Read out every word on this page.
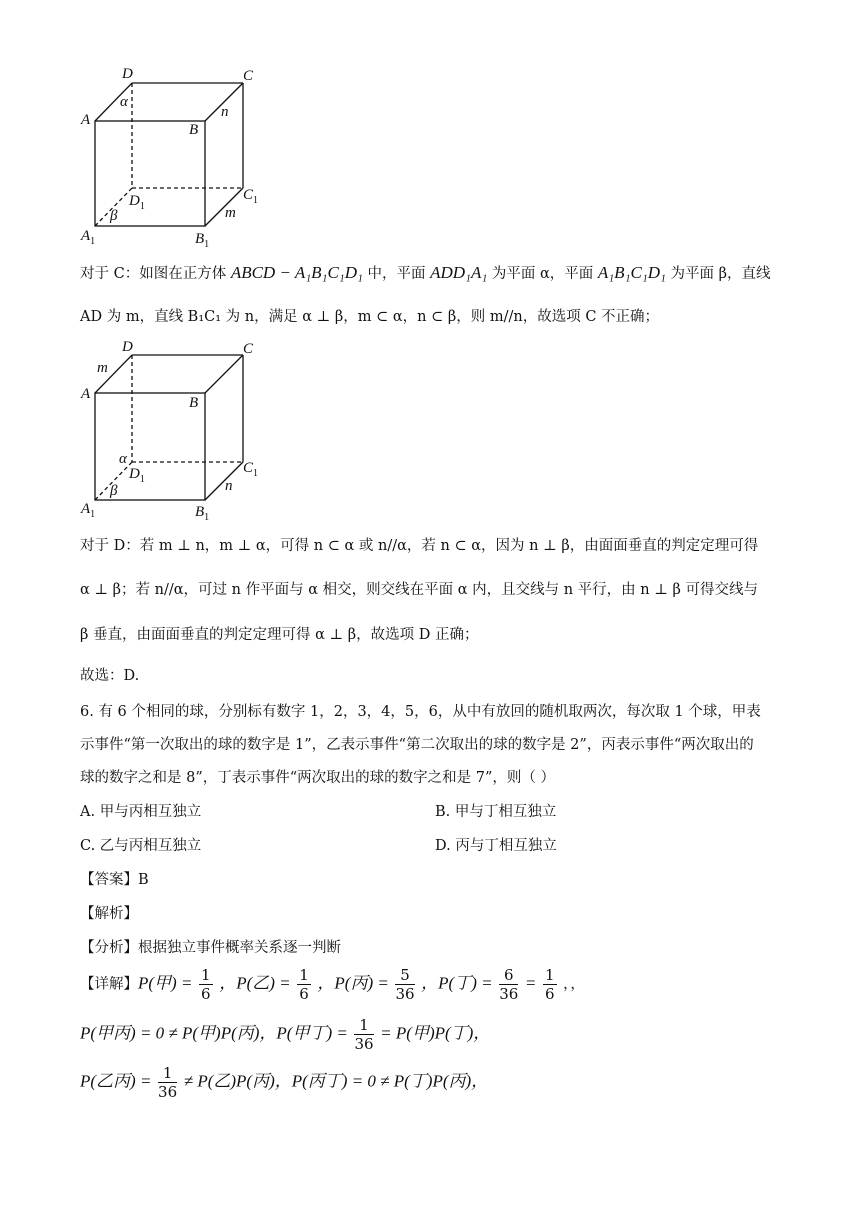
D	C
A
B
α
n
$C_1$
$D_1$	m
β
$A_1$	$B_1$
对于 C：如图在正方体 ABCD − A₁B₁C₁D₁ 中，平面 ADD₁A₁ 为平面 α，平面 A₁B₁C₁D₁ 为平面 β，直线
AD 为 m，直线 B₁C₁ 为 n，满足 α ⊥ β，m ⊂ α，n ⊂ β，则 m//n，故选项 C 不正确；
D	C
m
A
B
α
$C_1$
$D_1$	n
β
$A_1$	$B_1$
对于 D：若 m ⊥ n，m ⊥ α，可得 n ⊂ α 或 n//α，若 n ⊂ α，因为 n ⊥ β，由面面垂直的判定定理可得
α ⊥ β；若 n//α，可过 n 作平面与 α 相交，则交线在平面 α 内，且交线与 n 平行，由 n ⊥ β 可得交线与
β 垂直，由面面垂直的判定定理可得 α ⊥ β，故选项 D 正确；
故选：D.
6. 有 6 个相同的球，分别标有数字 1，2，3，4，5，6，从中有放回的随机取两次，每次取 1 个球，甲表
示事件“第一次取出的球的数字是 1”，乙表示事件“第二次取出的球的数字是 2”，丙表示事件“两次取出的
球的数字之和是 8”，丁表示事件“两次取出的球的数字之和是 7”，则（ ）
A. 甲与丙相互独立	B. 甲与丁相互独立
C. 乙与丙相互独立	D. 丙与丁相互独立
【答案】B
【解析】
【分析】根据独立事件概率关系逐一判断
【详解】P(甲) = $\frac{1}{6}$ ，P(乙) = $\frac{1}{6}$ ，P(丙) = $\frac{5}{36}$ ，P(丁) = $\frac{6}{36} = \frac{1}{6}$ ，，
P(甲丙) = 0 ≠ P(甲)P(丙)，P(甲丁) = $\frac{1}{36} = P$(甲)P(丁)，
P(乙丙) = $\frac{1}{36} \ne P$(乙)P(丙)，P(丙丁) = 0 ≠ P(丁)P(丙)，
